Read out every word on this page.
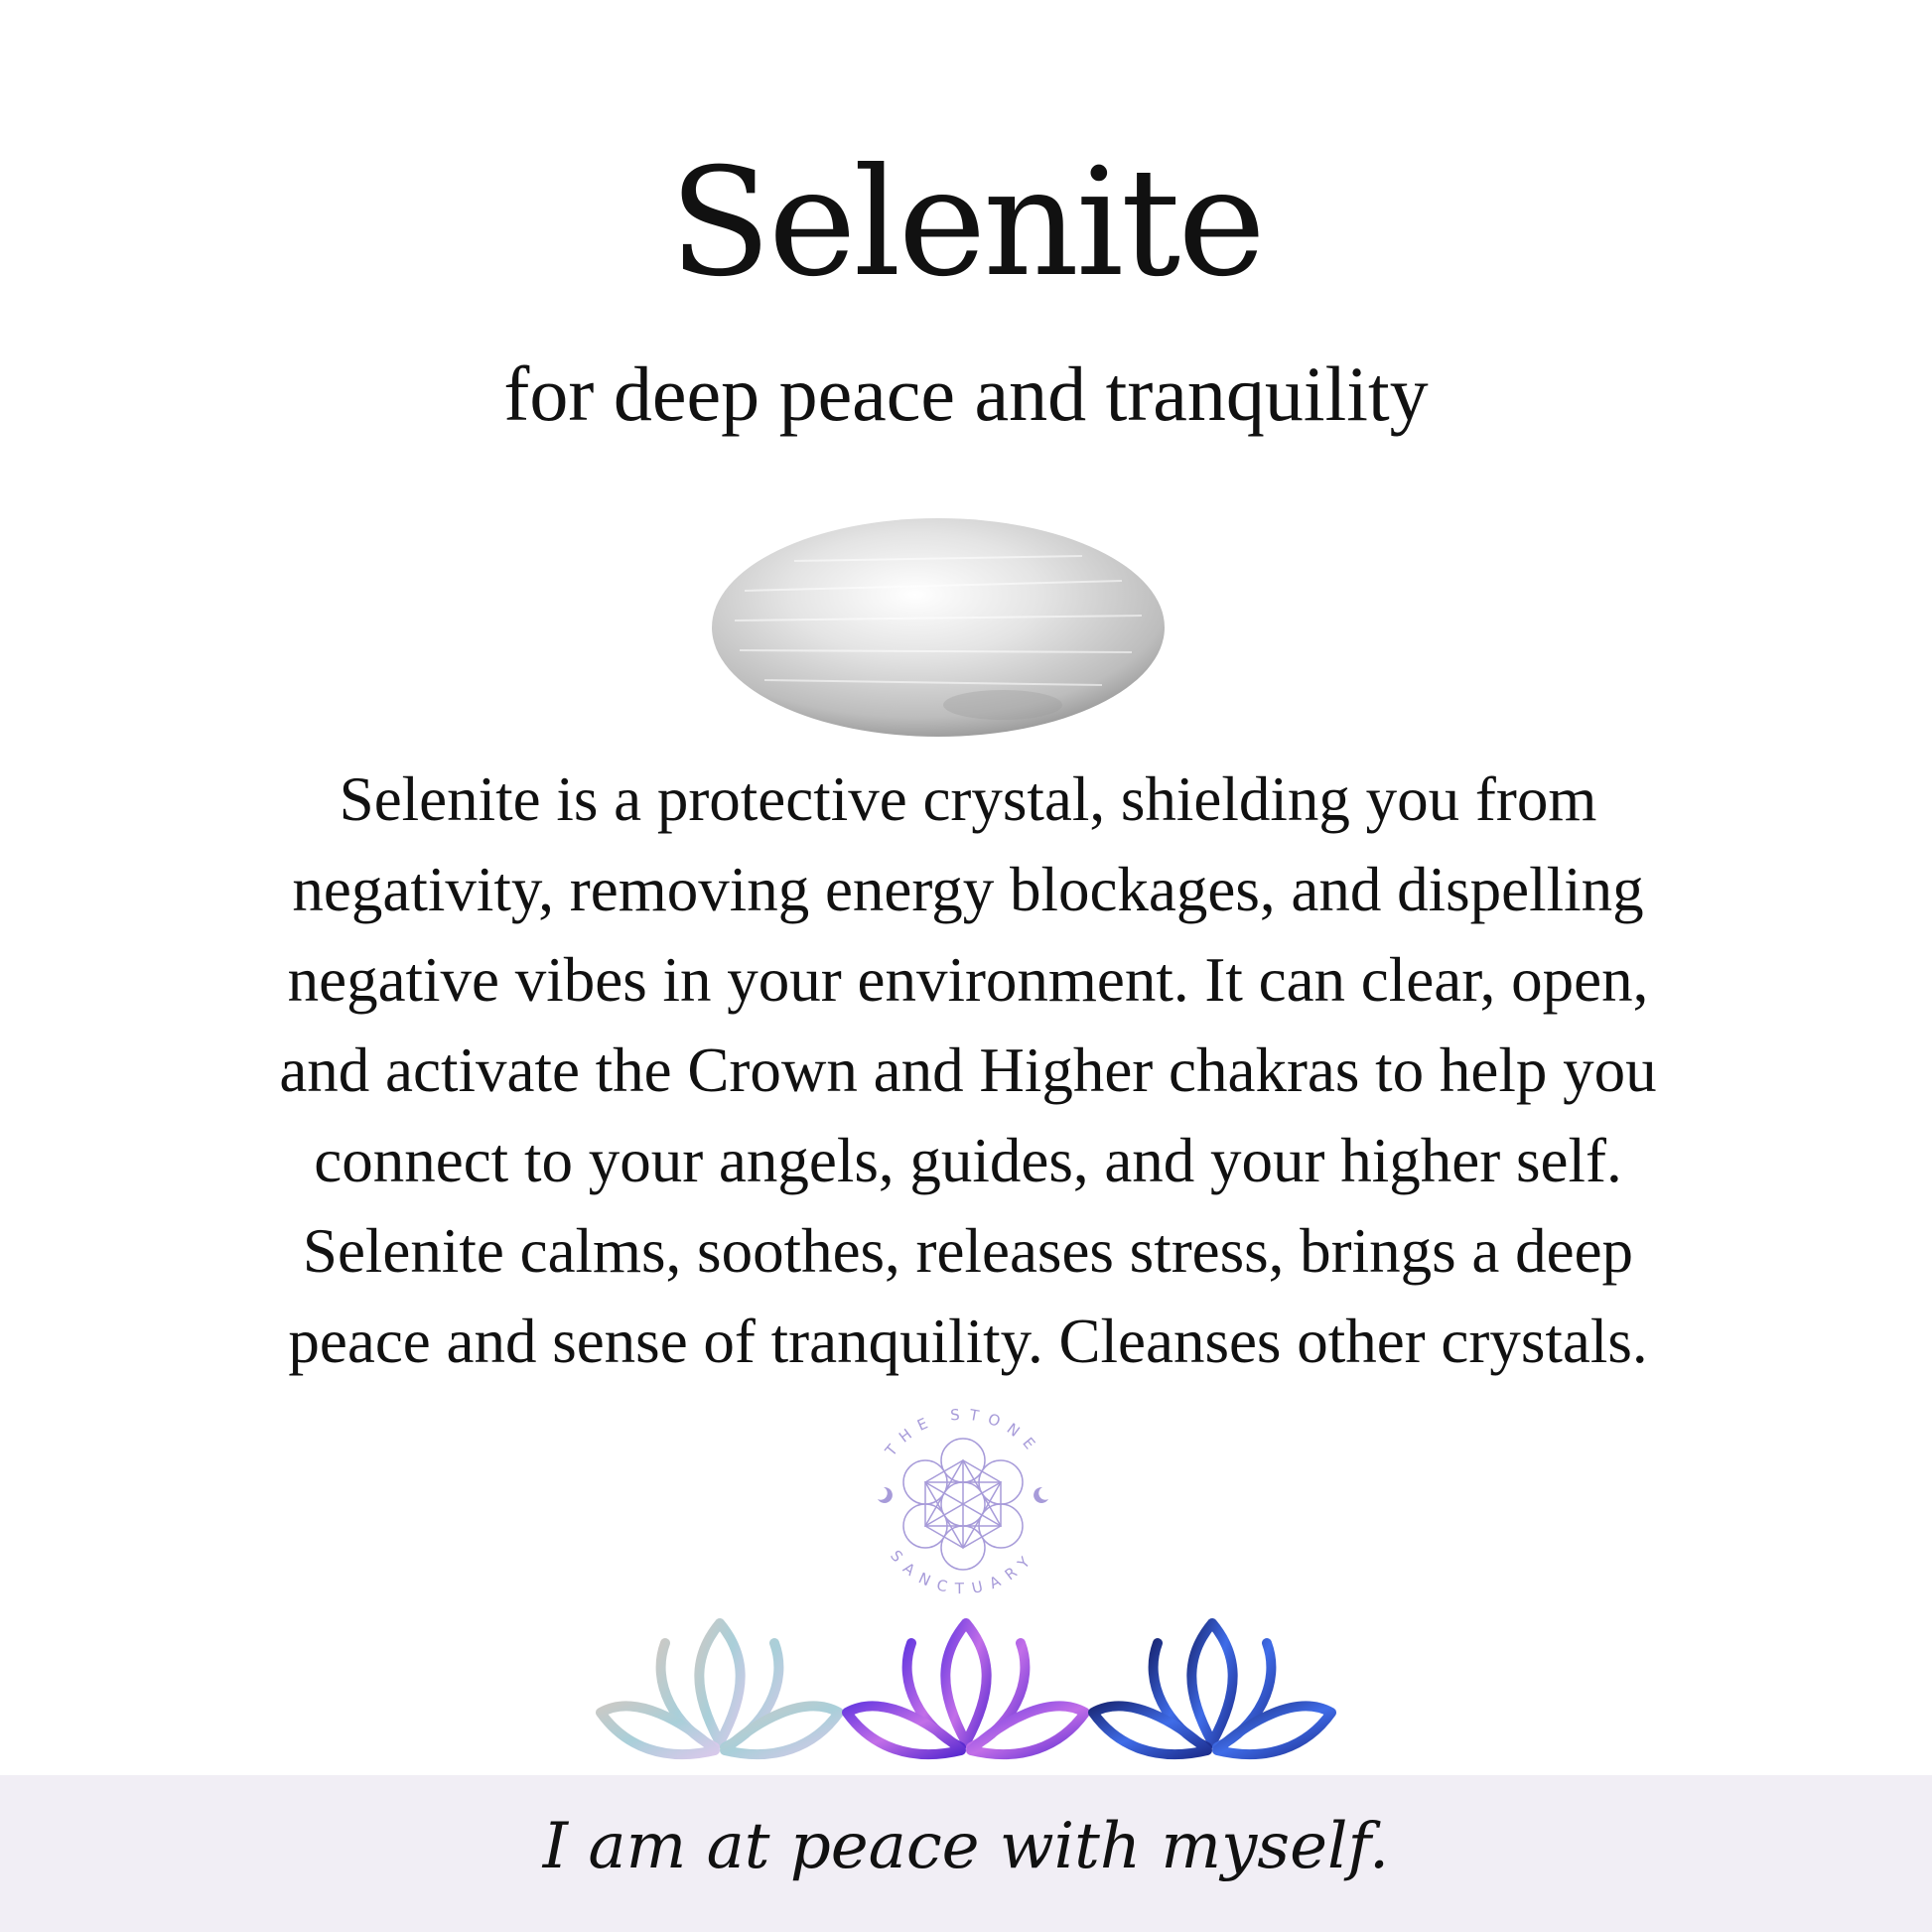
Selenite
for deep peace and tranquility

Selenite is a protective crystal, shielding you from

negativity, removing energy blockages, and dispelling

negative vibes in your environment. It can clear, open,

and activate the Crown and Higher chakras to help you

connect to your angels, guides, and your higher self.

Selenite calms, soothes, releases stress, brings a deep

peace and sense of tranquility. Cleanses other crystals.

THE STONE
SANCTUARY
I am at peace with myself.
